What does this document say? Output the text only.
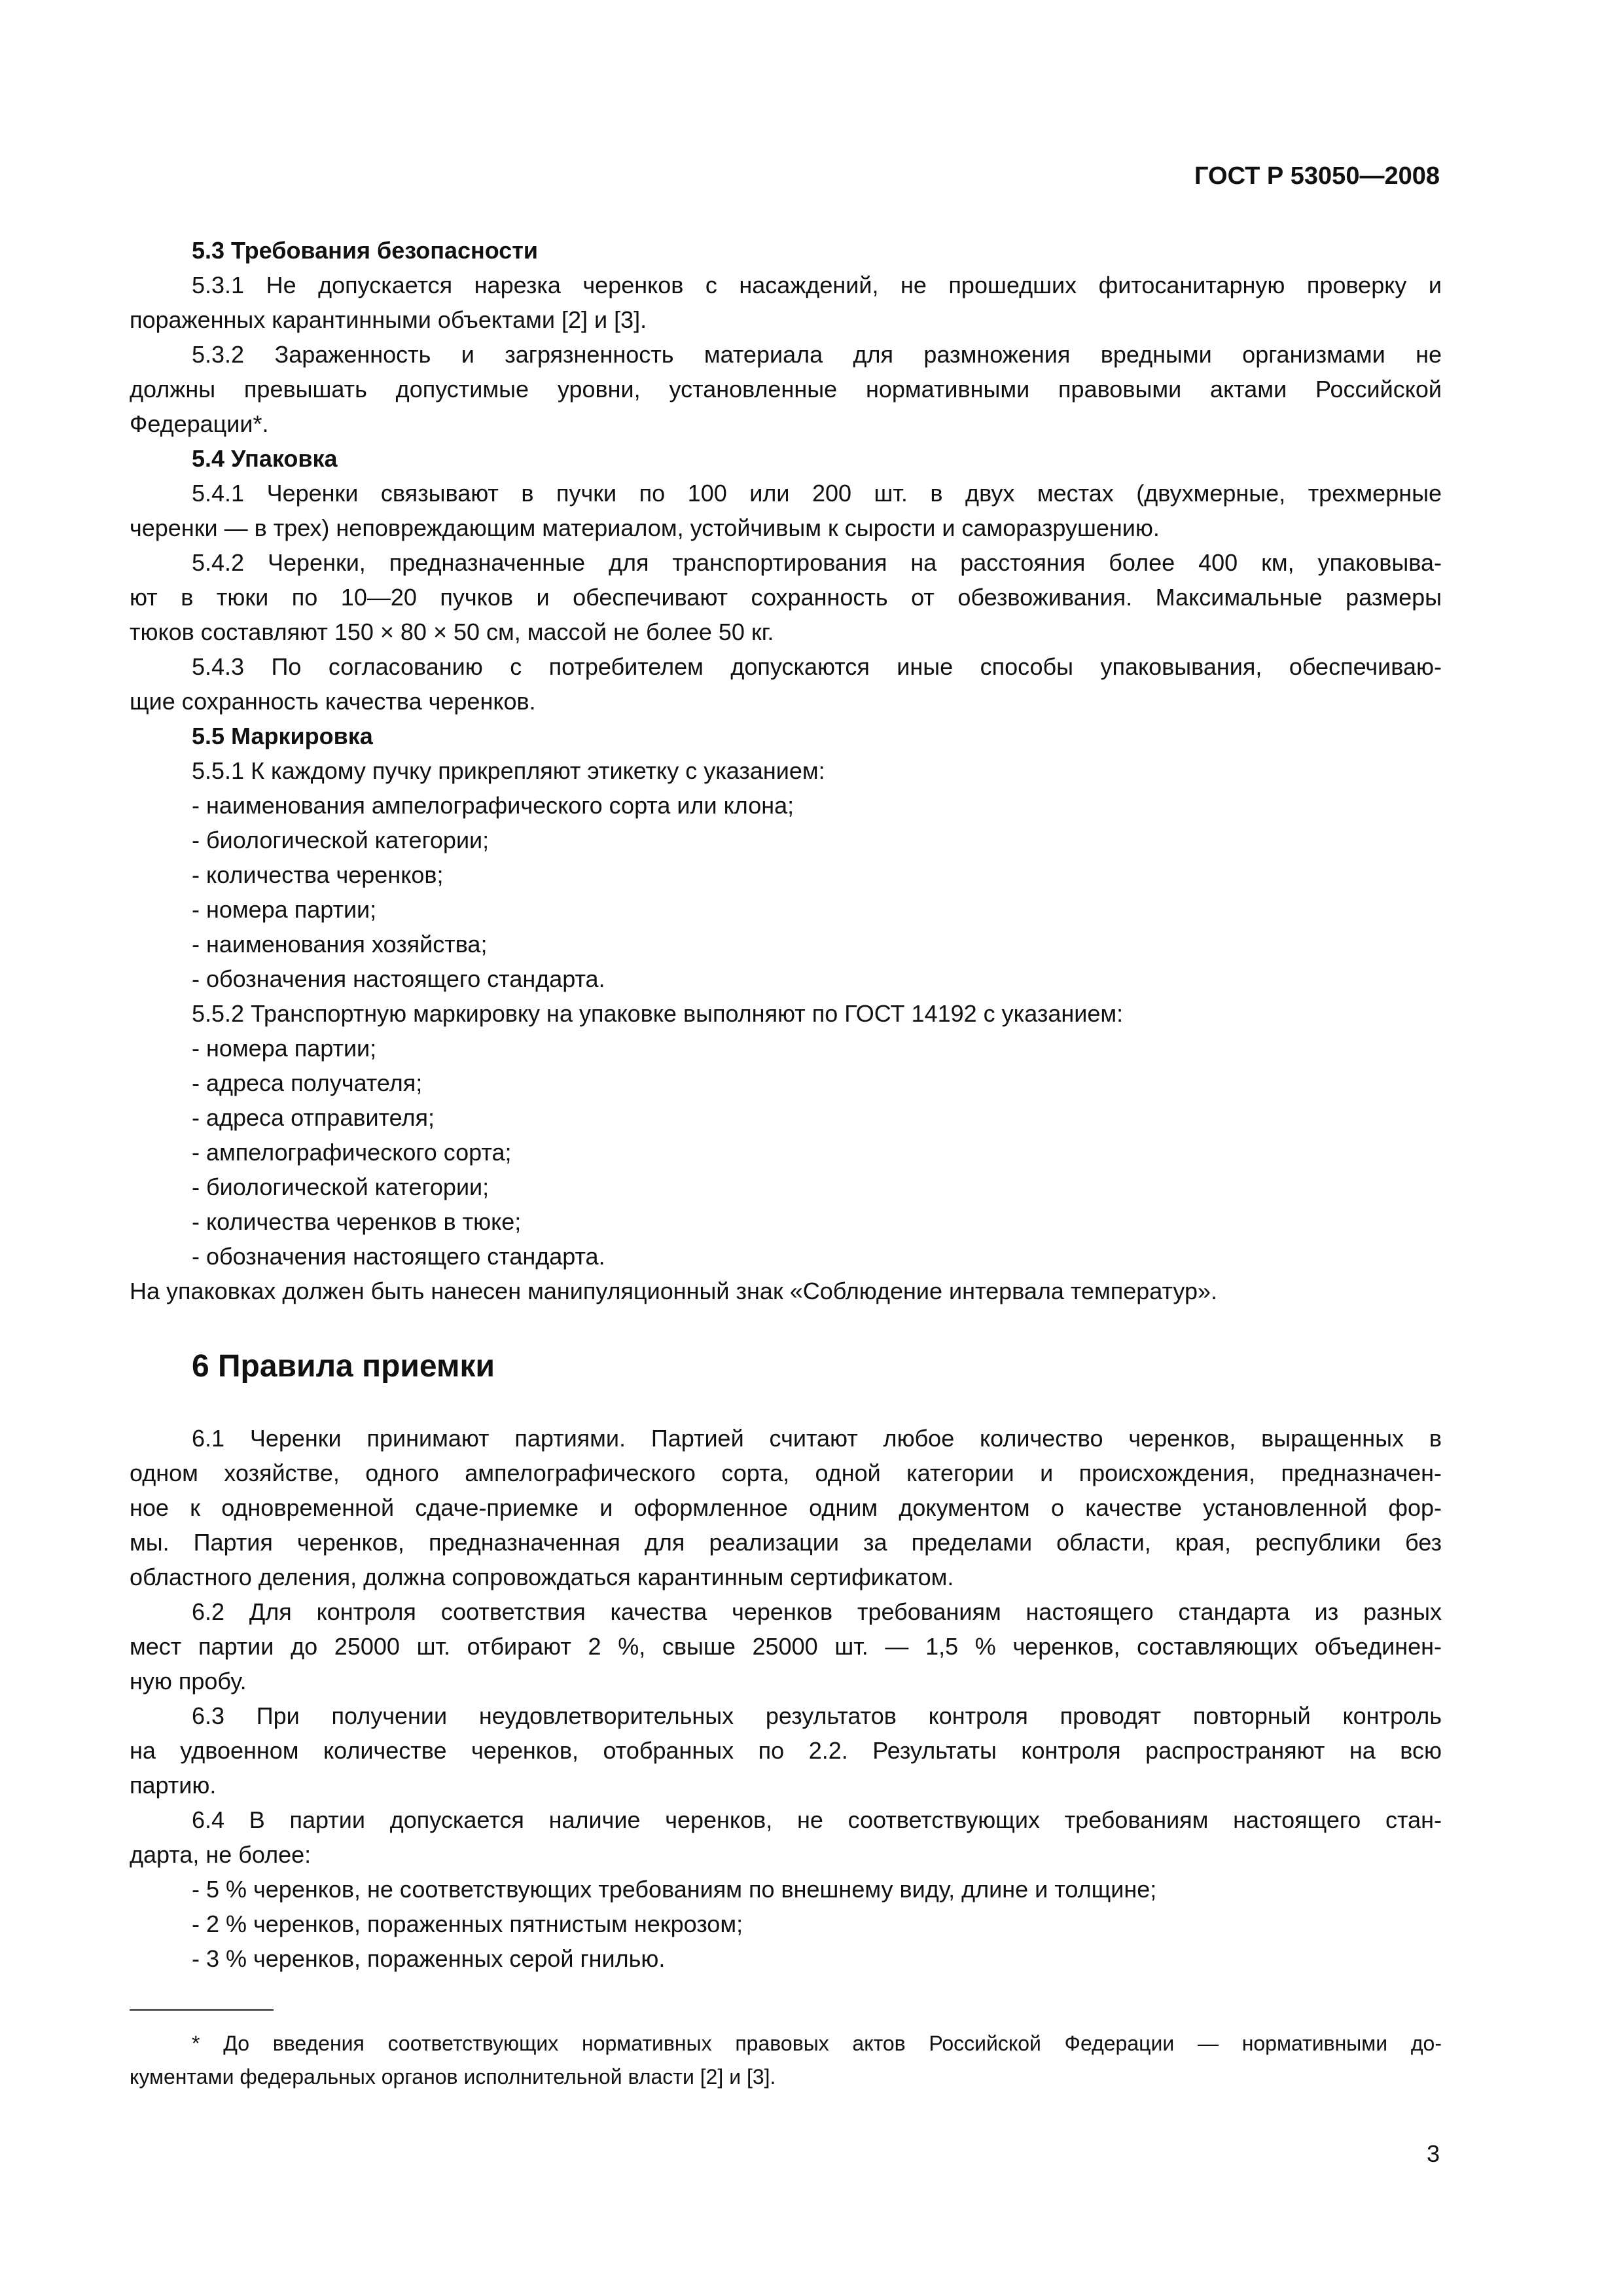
ГОСТ Р 53050—2008
5.3 Требования безопасности
5.3.1 Не допускается нарезка черенков с насаждений, не прошедших фитосанитарную проверку и
пораженных карантинными объектами [2] и [3].
5.3.2 Зараженность и загрязненность материала для размножения вредными организмами не
должны превышать допустимые уровни, установленные нормативными правовыми актами Российской
Федерации*.
5.4 Упаковка
5.4.1 Черенки связывают в пучки по 100 или 200 шт. в двух местах (двухмерные, трехмерные
черенки — в трех) неповреждающим материалом, устойчивым к сырости и саморазрушению.
5.4.2 Черенки, предназначенные для транспортирования на расстояния более 400 км, упаковыва-
ют в тюки по 10—20 пучков и обеспечивают сохранность от обезвоживания. Максимальные размеры
тюков составляют 150 × 80 × 50 см, массой не более 50 кг.
5.4.3 По согласованию с потребителем допускаются иные способы упаковывания, обеспечиваю-
щие сохранность качества черенков.
5.5 Маркировка
5.5.1 К каждому пучку прикрепляют этикетку с указанием:
- наименования ампелографического сорта или клона;
- биологической категории;
- количества черенков;
- номера партии;
- наименования хозяйства;
- обозначения настоящего стандарта.
5.5.2 Транспортную маркировку на упаковке выполняют по ГОСТ 14192 с указанием:
- номера партии;
- адреса получателя;
- адреса отправителя;
- ампелографического сорта;
- биологической категории;
- количества черенков в тюке;
- обозначения настоящего стандарта.
На упаковках должен быть нанесен манипуляционный знак «Соблюдение интервала температур».
6 Правила приемки
6.1 Черенки принимают партиями. Партией считают любое количество черенков, выращенных в
одном хозяйстве, одного ампелографического сорта, одной категории и происхождения, предназначен-
ное к одновременной сдаче-приемке и оформленное одним документом о качестве установленной фор-
мы. Партия черенков, предназначенная для реализации за пределами области, края, республики без
областного деления, должна сопровождаться карантинным сертификатом.
6.2 Для контроля соответствия качества черенков требованиям настоящего стандарта из разных
мест партии до 25000 шт. отбирают 2 %, свыше 25000 шт. — 1,5 % черенков, составляющих объединен-
ную пробу.
6.3 При получении неудовлетворительных результатов контроля проводят повторный контроль
на удвоенном количестве черенков, отобранных по 2.2. Результаты контроля распространяют на всю
партию.
6.4 В партии допускается наличие черенков, не соответствующих требованиям настоящего стан-
дарта, не более:
- 5 % черенков, не соответствующих требованиям по внешнему виду, длине и толщине;
- 2 % черенков, пораженных пятнистым некрозом;
- 3 % черенков, пораженных серой гнилью.
* До введения соответствующих нормативных правовых актов Российской Федерации — нормативными до-
кументами федеральных органов исполнительной власти [2] и [3].
3
